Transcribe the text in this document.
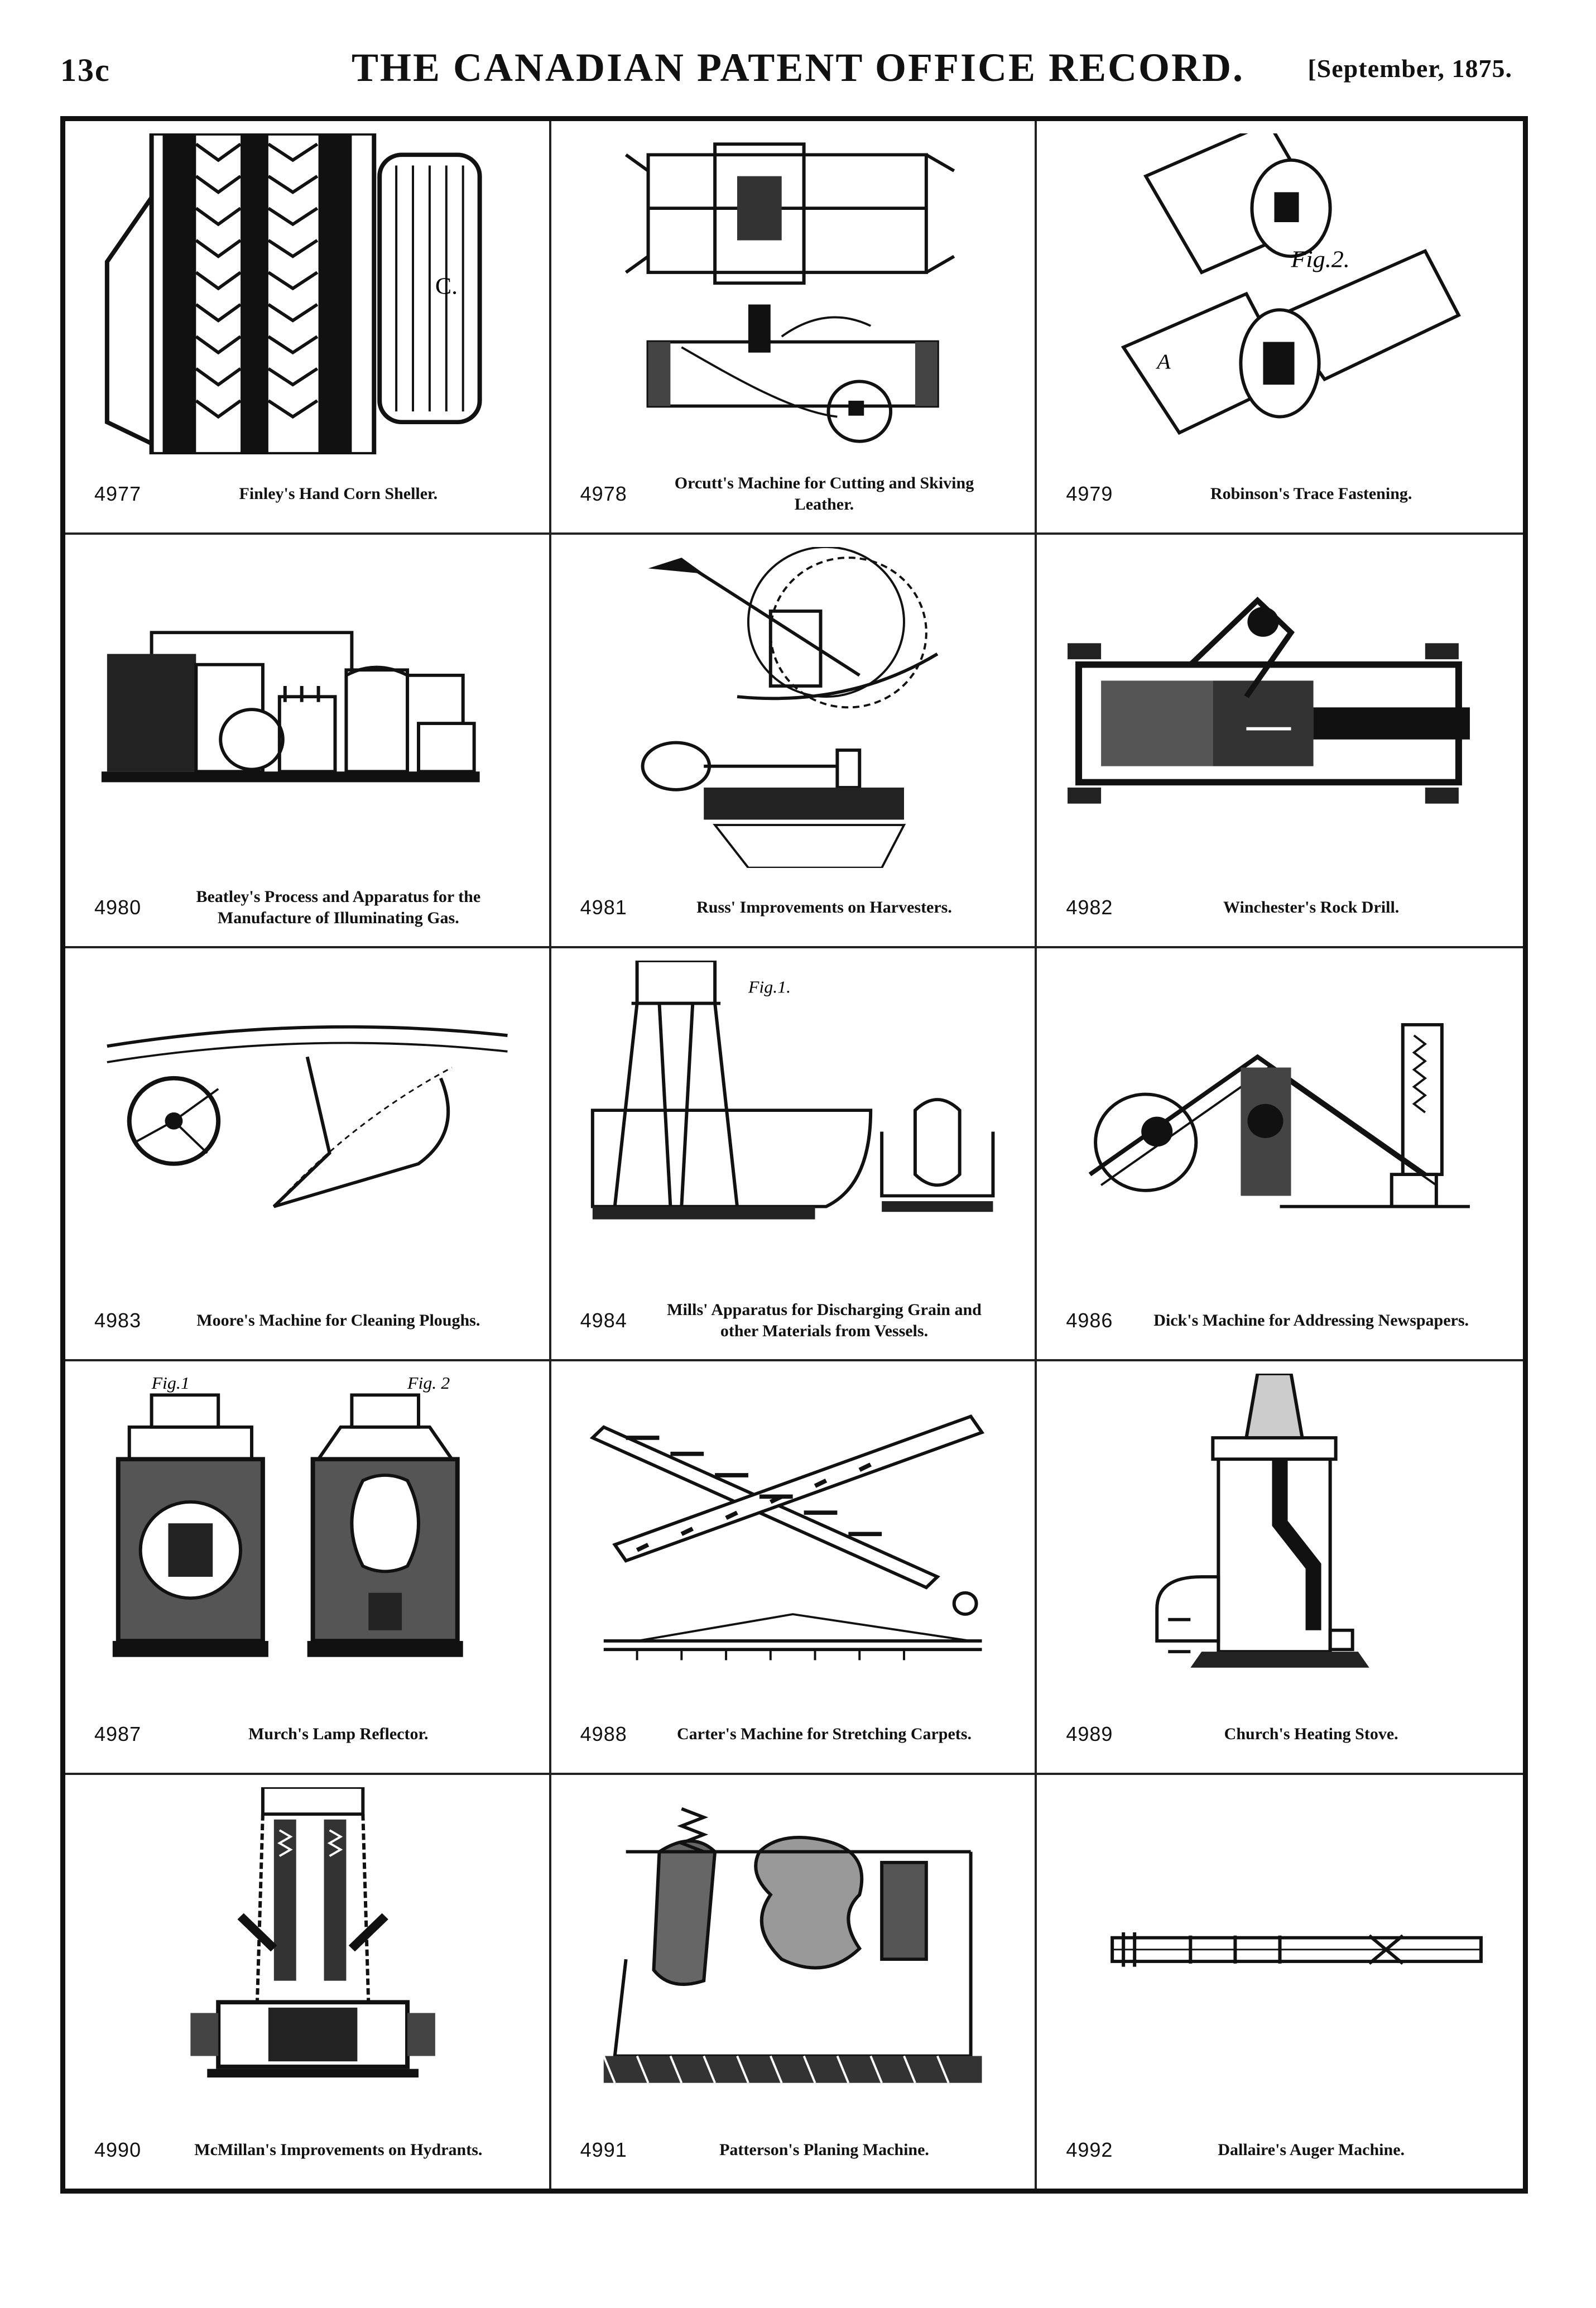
13c	THE CANADIAN PATENT OFFICE RECORD.	[September, 1875.
C.
4977	Finley's Hand Corn Sheller.	4978	Orcutt's Machine for Cutting and Skiving Leather.
Fig.2.
A
4979	Robinson's Trace Fastening.
4980	Beatley's Process and Apparatus for the Manufacture of Illuminating Gas.	4981	Russ' Improvements on Harvesters.	4982	Winchester's Rock Drill.
4983	Moore's Machine for Cleaning Ploughs.
Fig.1.
4984	Mills' Apparatus for Discharging Grain and other Materials from Vessels.	4986	Dick's Machine for Addressing Newspapers.
Fig.1	Fig. 2
4987	Murch's Lamp Reflector.	4988	Carter's Machine for Stretching Carpets.	4989	Church's Heating Stove.
4990	McMillan's Improvements on Hydrants.	4991	Patterson's Planing Machine.	4992	Dallaire's Auger Machine.
